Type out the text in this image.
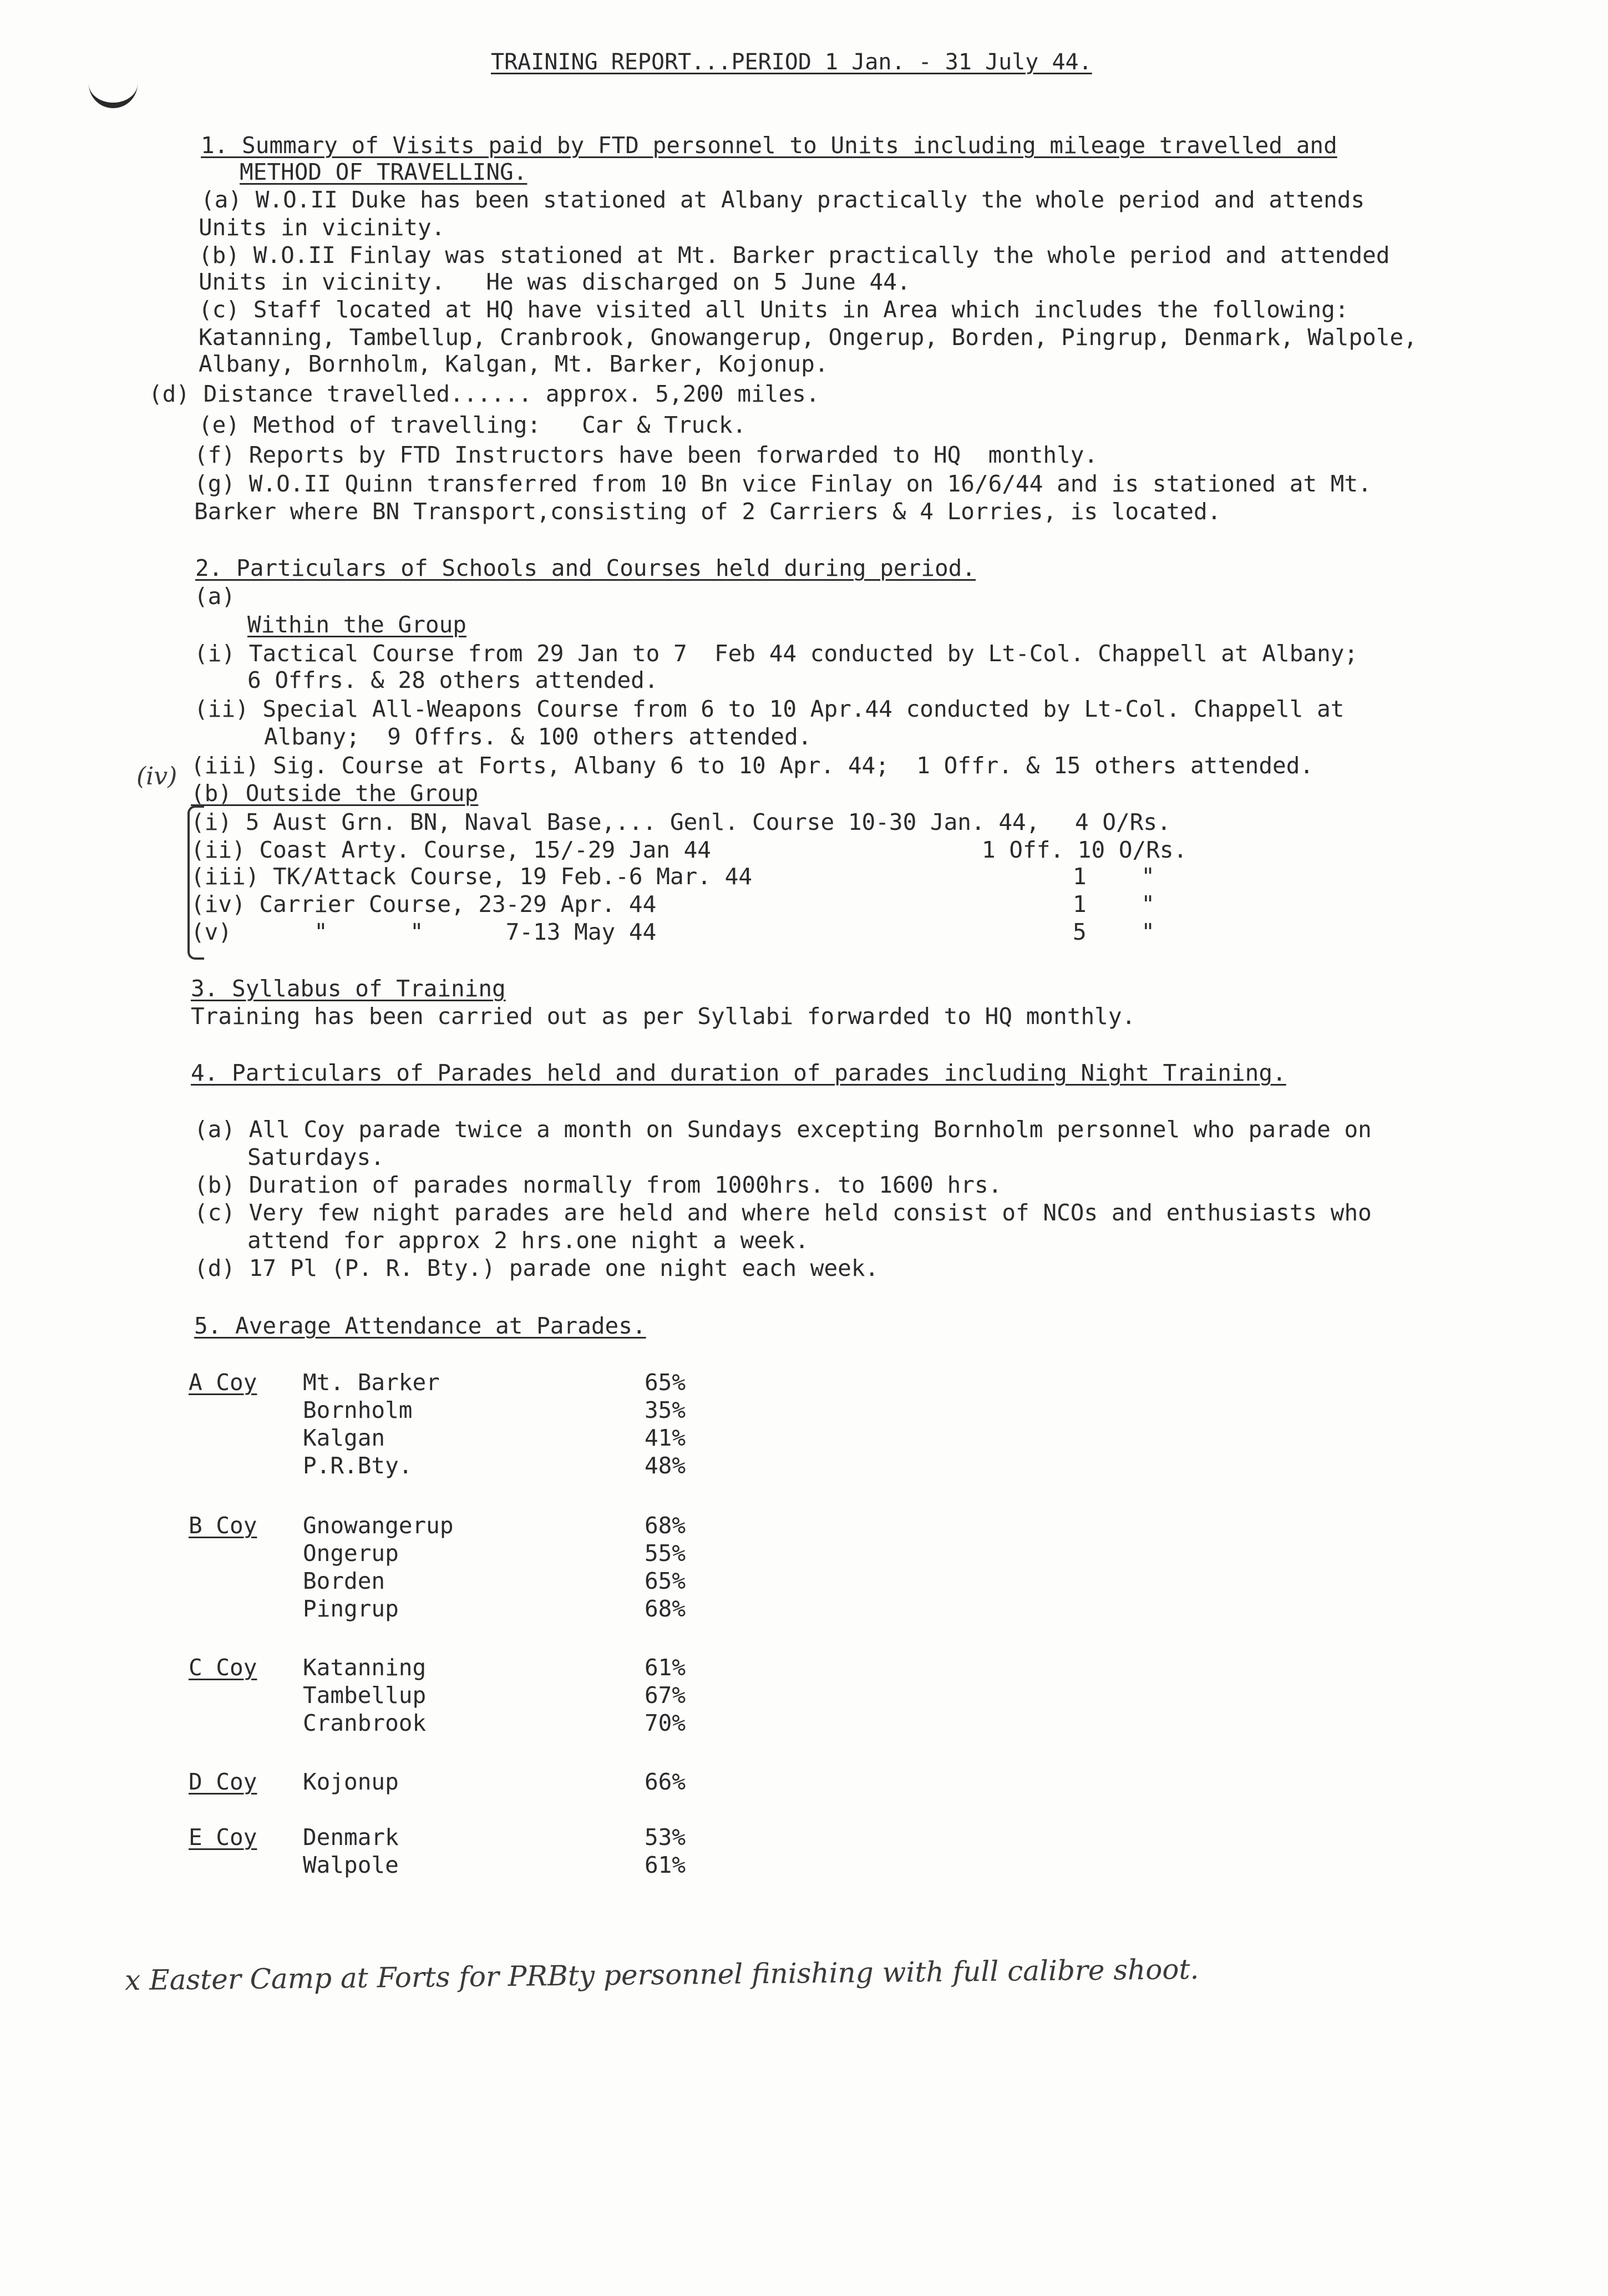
TRAINING REPORT...PERIOD 1 Jan. - 31 July 44.
1. Summary of Visits paid by FTD personnel to Units including mileage travelled and
METHOD OF TRAVELLING.
(a) W.O.II Duke has been stationed at Albany practically the whole period and attends
Units in vicinity.
(b) W.O.II Finlay was stationed at Mt. Barker practically the whole period and attended
Units in vicinity.   He was discharged on 5 June 44.
(c) Staff located at HQ have visited all Units in Area which includes the following:
Katanning, Tambellup, Cranbrook, Gnowangerup, Ongerup, Borden, Pingrup, Denmark, Walpole,
Albany, Bornholm, Kalgan, Mt. Barker, Kojonup.
(d) Distance travelled...... approx. 5,200 miles.
(e) Method of travelling:   Car & Truck.
(f) Reports by FTD Instructors have been forwarded to HQ  monthly.
(g) W.O.II Quinn transferred from 10 Bn vice Finlay on 16/6/44 and is stationed at Mt.
Barker where BN Transport,consisting of 2 Carriers & 4 Lorries, is located.
2. Particulars of Schools and Courses held during period.
(a)
Within the Group
(i) Tactical Course from 29 Jan to 7  Feb 44 conducted by Lt-Col. Chappell at Albany;
6 Offrs. & 28 others attended.
(ii) Special All-Weapons Course from 6 to 10 Apr.44 conducted by Lt-Col. Chappell at
Albany;  9 Offrs. & 100 others attended.
(iii) Sig. Course at Forts, Albany 6 to 10 Apr. 44;  1 Offr. & 15 others attended.
(iv)
(b) Outside the Group
(i) 5 Aust Grn. BN, Naval Base,... Genl. Course 10-30 Jan. 44, 4 O/Rs.
(ii) Coast Arty. Course, 15/-29 Jan 44	1 Off. 10 O/Rs.
(iii) TK/Attack Course, 19 Feb.-6 Mar. 44	1    "
(iv) Carrier Course, 23-29 Apr. 44	1    "
(v)      "      "      7-13 May 44	5    "
3. Syllabus of Training
Training has been carried out as per Syllabi forwarded to HQ monthly.
4. Particulars of Parades held and duration of parades including Night Training.
(a) All Coy parade twice a month on Sundays excepting Bornholm personnel who parade on
Saturdays.
(b) Duration of parades normally from 1000hrs. to 1600 hrs.
(c) Very few night parades are held and where held consist of NCOs and enthusiasts who
attend for approx 2 hrs.one night a week.
(d) 17 Pl (P. R. Bty.) parade one night each week.
5. Average Attendance at Parades.
A Coy Mt. Barker	65%
Bornholm	35%
Kalgan	41%
P.R.Bty.	48%
B Coy Gnowangerup	68%
Ongerup	55%
Borden	65%
Pingrup	68%
C Coy Katanning	61%
Tambellup	67%
Cranbrook	70%
D Coy Kojonup	66%
E Coy Denmark	53%
Walpole	61%
x Easter Camp at Forts for PRBty personnel finishing with full calibre shoot.
